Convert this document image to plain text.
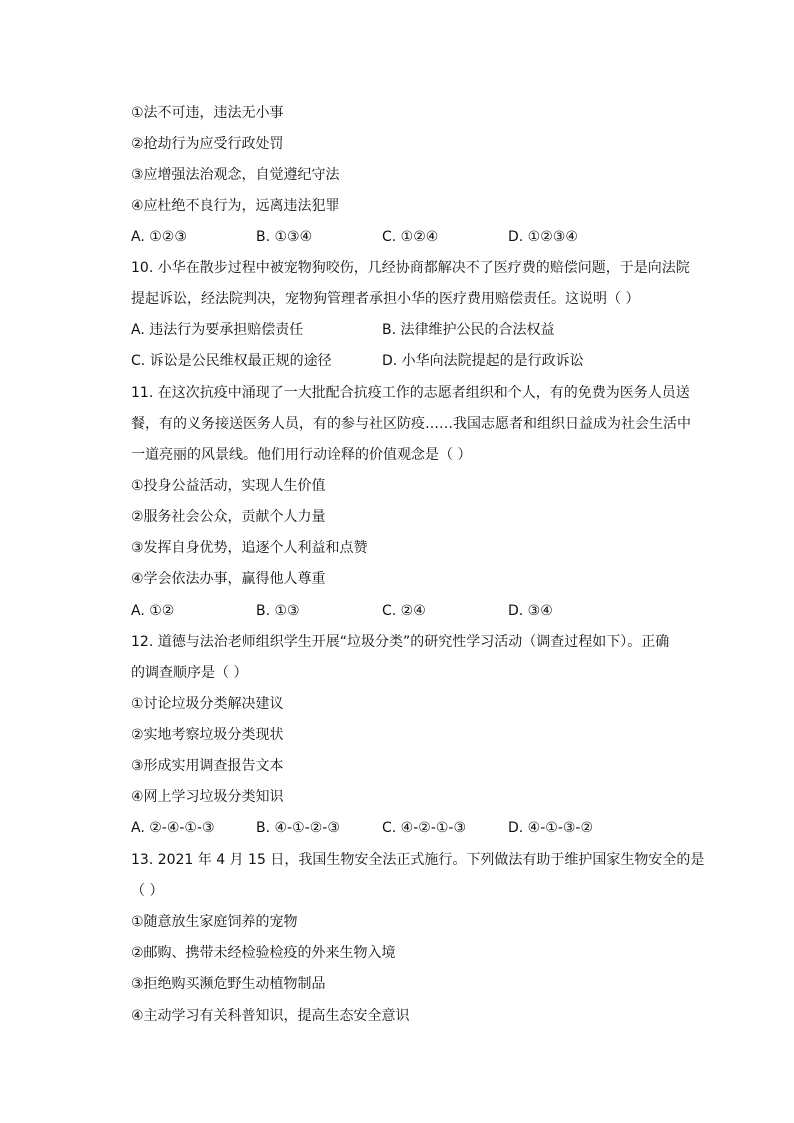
①法不可违，违法无小事
②抢劫行为应受行政处罚
③应增强法治观念，自觉遵纪守法
④应杜绝不良行为，远离违法犯罪
A. ①②③	B. ①③④	C. ①②④	D. ①②③④
10. 小华在散步过程中被宠物狗咬伤，几经协商都解决不了医疗费的赔偿问题，于是向法院
提起诉讼，经法院判决，宠物狗管理者承担小华的医疗费用赔偿责任。这说明（ ）
A. 违法行为要承担赔偿责任	B. 法律维护公民的合法权益
C. 诉讼是公民维权最正规的途径	D. 小华向法院提起的是行政诉讼
11. 在这次抗疫中涌现了一大批配合抗疫工作的志愿者组织和个人，有的免费为医务人员送
餐，有的义务接送医务人员，有的参与社区防疫……我国志愿者和组织日益成为社会生活中
一道亮丽的风景线。他们用行动诠释的价值观念是（ ）
①投身公益活动，实现人生价值
②服务社会公众，贡献个人力量
③发挥自身优势，追逐个人利益和点赞
④学会依法办事，赢得他人尊重
A. ①②	B. ①③	C. ②④	D. ③④
12. 道德与法治老师组织学生开展“垃圾分类”的研究性学习活动（调查过程如下）。正确
的调查顺序是（ ）
①讨论垃圾分类解决建议
②实地考察垃圾分类现状
③形成实用调查报告文本
④网上学习垃圾分类知识
A. ②-④-①-③	B. ④-①-②-③	C. ④-②-①-③	D. ④-①-③-②
13. 2021 年 4 月 15 日，我国生物安全法正式施行。下列做法有助于维护国家生物安全的是
（ ）
①随意放生家庭饲养的宠物
②邮购、携带未经检验检疫的外来生物入境
③拒绝购买濒危野生动植物制品
④主动学习有关科普知识，提高生态安全意识
